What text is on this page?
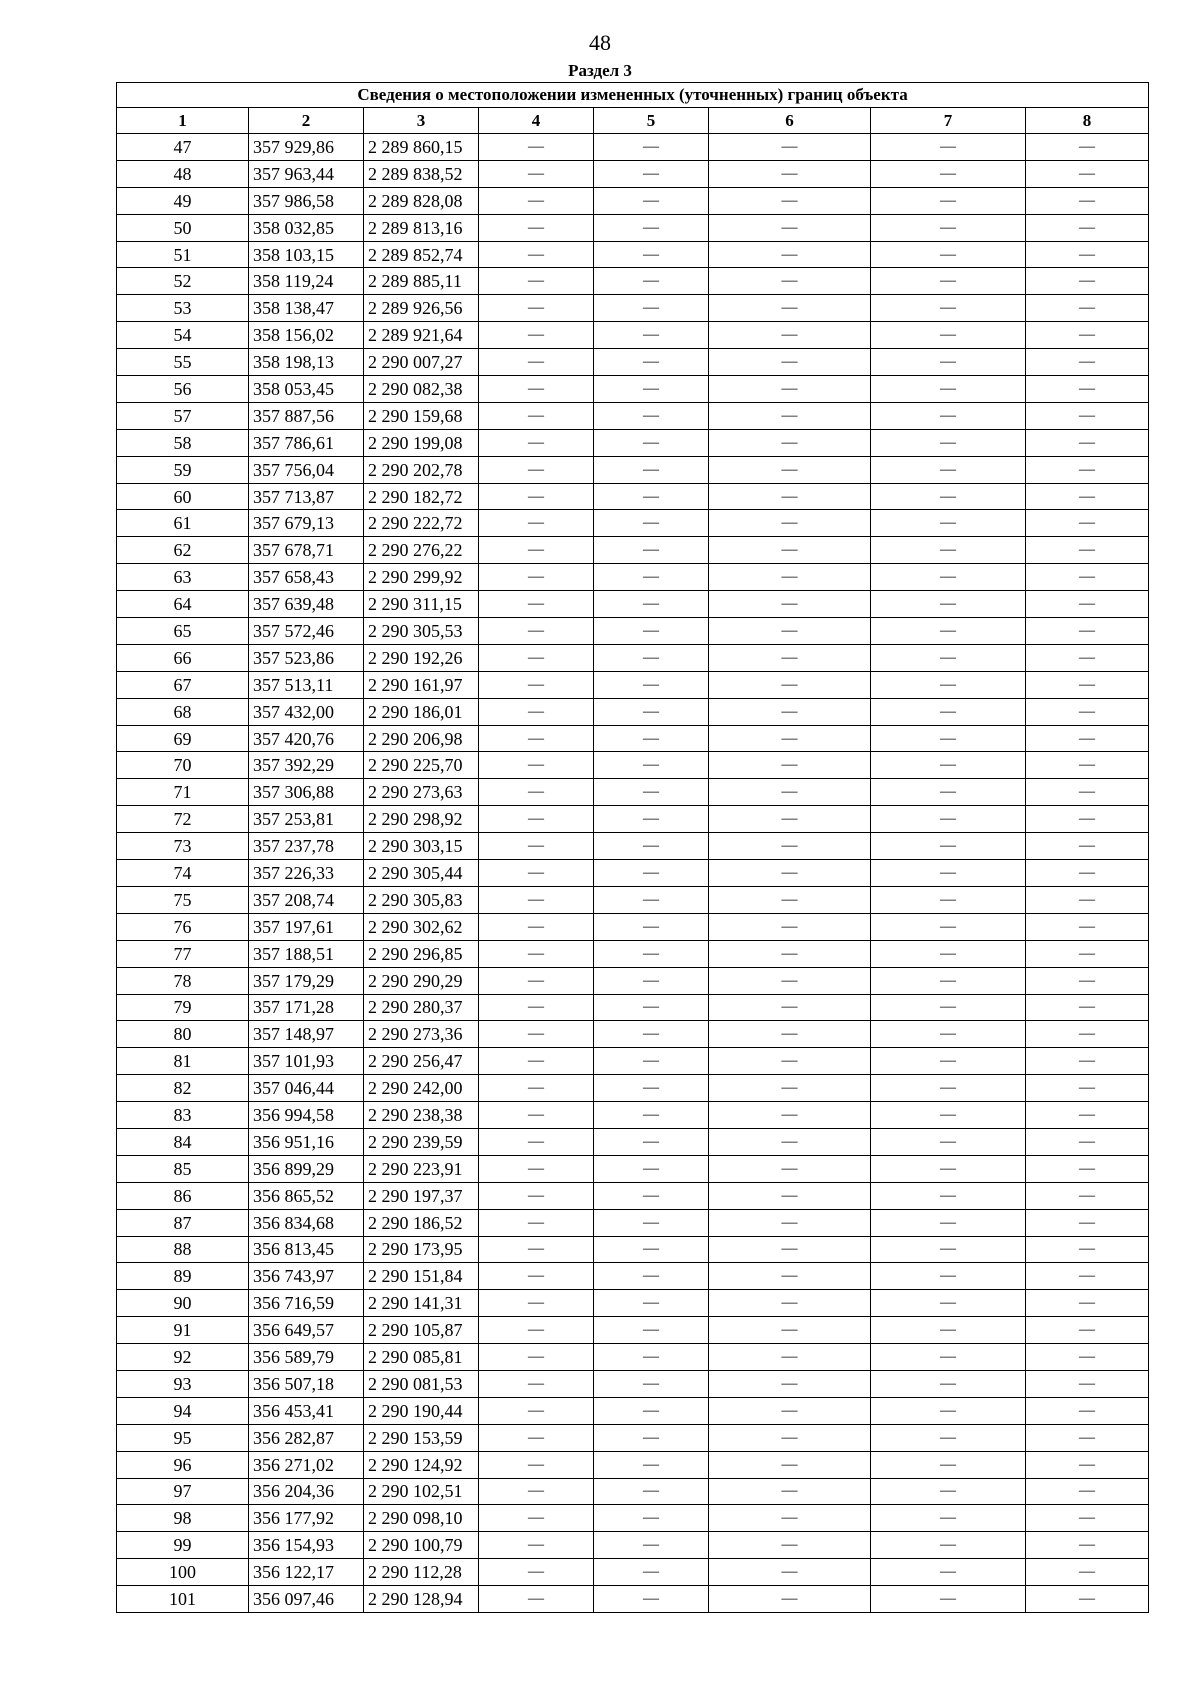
48
Раздел 3
Сведения о местоположении измененных (уточненных) границ объекта							
1	2	3	4	5	6	7	8
47	357 929,86	2 289 860,15	—	—	—	—	—
48	357 963,44	2 289 838,52	—	—	—	—	—
49	357 986,58	2 289 828,08	—	—	—	—	—
50	358 032,85	2 289 813,16	—	—	—	—	—
51	358 103,15	2 289 852,74	—	—	—	—	—
52	358 119,24	2 289 885,11	—	—	—	—	—
53	358 138,47	2 289 926,56	—	—	—	—	—
54	358 156,02	2 289 921,64	—	—	—	—	—
55	358 198,13	2 290 007,27	—	—	—	—	—
56	358 053,45	2 290 082,38	—	—	—	—	—
57	357 887,56	2 290 159,68	—	—	—	—	—
58	357 786,61	2 290 199,08	—	—	—	—	—
59	357 756,04	2 290 202,78	—	—	—	—	—
60	357 713,87	2 290 182,72	—	—	—	—	—
61	357 679,13	2 290 222,72	—	—	—	—	—
62	357 678,71	2 290 276,22	—	—	—	—	—
63	357 658,43	2 290 299,92	—	—	—	—	—
64	357 639,48	2 290 311,15	—	—	—	—	—
65	357 572,46	2 290 305,53	—	—	—	—	—
66	357 523,86	2 290 192,26	—	—	—	—	—
67	357 513,11	2 290 161,97	—	—	—	—	—
68	357 432,00	2 290 186,01	—	—	—	—	—
69	357 420,76	2 290 206,98	—	—	—	—	—
70	357 392,29	2 290 225,70	—	—	—	—	—
71	357 306,88	2 290 273,63	—	—	—	—	—
72	357 253,81	2 290 298,92	—	—	—	—	—
73	357 237,78	2 290 303,15	—	—	—	—	—
74	357 226,33	2 290 305,44	—	—	—	—	—
75	357 208,74	2 290 305,83	—	—	—	—	—
76	357 197,61	2 290 302,62	—	—	—	—	—
77	357 188,51	2 290 296,85	—	—	—	—	—
78	357 179,29	2 290 290,29	—	—	—	—	—
79	357 171,28	2 290 280,37	—	—	—	—	—
80	357 148,97	2 290 273,36	—	—	—	—	—
81	357 101,93	2 290 256,47	—	—	—	—	—
82	357 046,44	2 290 242,00	—	—	—	—	—
83	356 994,58	2 290 238,38	—	—	—	—	—
84	356 951,16	2 290 239,59	—	—	—	—	—
85	356 899,29	2 290 223,91	—	—	—	—	—
86	356 865,52	2 290 197,37	—	—	—	—	—
87	356 834,68	2 290 186,52	—	—	—	—	—
88	356 813,45	2 290 173,95	—	—	—	—	—
89	356 743,97	2 290 151,84	—	—	—	—	—
90	356 716,59	2 290 141,31	—	—	—	—	—
91	356 649,57	2 290 105,87	—	—	—	—	—
92	356 589,79	2 290 085,81	—	—	—	—	—
93	356 507,18	2 290 081,53	—	—	—	—	—
94	356 453,41	2 290 190,44	—	—	—	—	—
95	356 282,87	2 290 153,59	—	—	—	—	—
96	356 271,02	2 290 124,92	—	—	—	—	—
97	356 204,36	2 290 102,51	—	—	—	—	—
98	356 177,92	2 290 098,10	—	—	—	—	—
99	356 154,93	2 290 100,79	—	—	—	—	—
100	356 122,17	2 290 112,28	—	—	—	—	—
101	356 097,46	2 290 128,94	—	—	—	—	—
